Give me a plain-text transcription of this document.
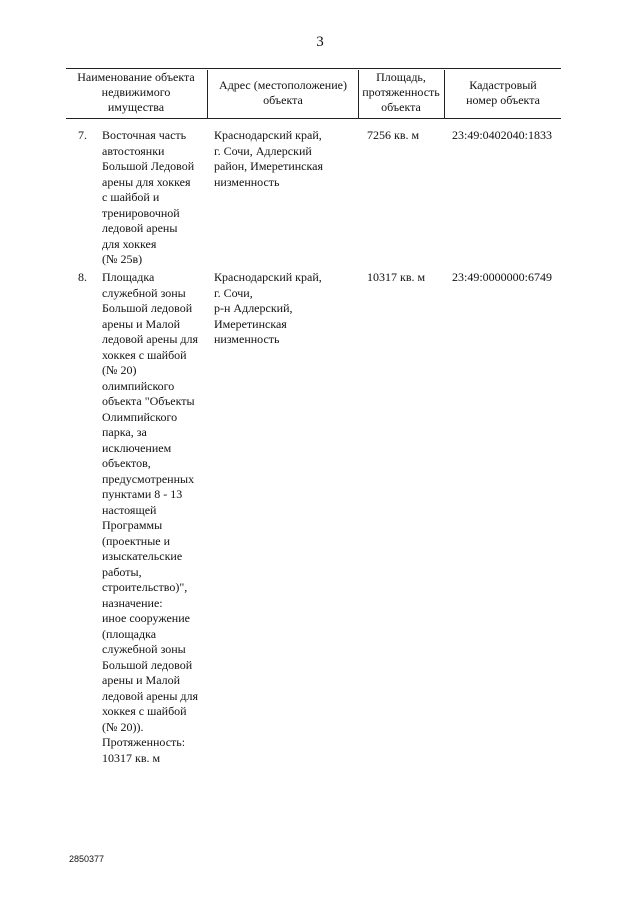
3
Наименование объекта
недвижимого
имущества
Адрес (местоположение)
объекта
Площадь,
протяженность
объекта
Кадастровый
номер объекта
7. Восточная часть
автостоянки
Большой Ледовой
арены для хоккея
с шайбой и
тренировочной
ледовой арены
для хоккея
(№ 25в)
Краснодарский край,
г. Сочи, Адлерский
район, Имеретинская
низменность
7256 кв. м	23:49:0402040:1833
8. Площадка
служебной зоны
Большой ледовой
арены и Малой
ледовой арены для
хоккея с шайбой
(№ 20)
олимпийского
объекта "Объекты
Олимпийского
парка, за
исключением
объектов,
предусмотренных
пунктами 8 - 13
настоящей
Программы
(проектные и
изыскательские
работы,
строительство)",
назначение:
иное сооружение
(площадка
служебной зоны
Большой ледовой
арены и Малой
ледовой арены для
хоккея с шайбой
(№ 20)).
Протяженность:
10317 кв. м
Краснодарский край,
г. Сочи,
р-н Адлерский,
Имеретинская
низменность
10317 кв. м	23:49:0000000:6749
2850377
